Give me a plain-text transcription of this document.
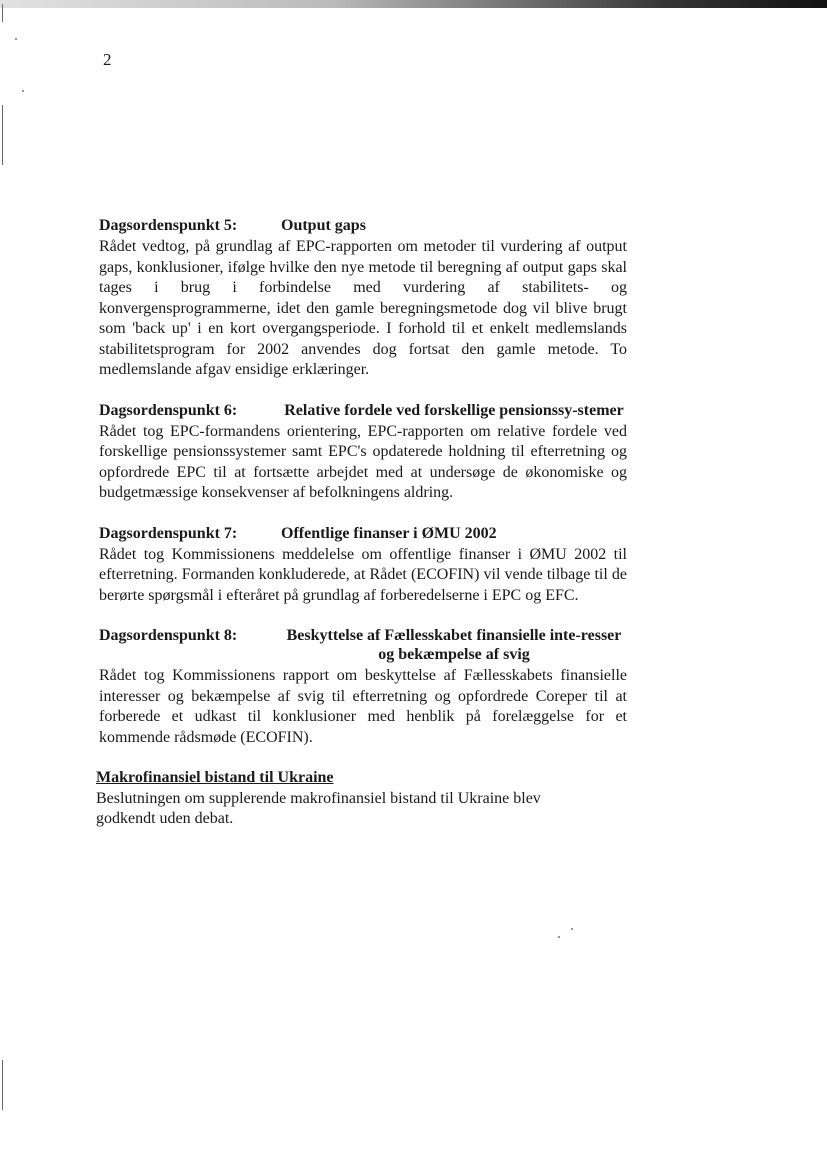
2
Dagsordenspunkt 5:	Output gaps
Rådet vedtog, på grundlag af EPC-rapporten om metoder til vurdering af output gaps, konklusioner, ifølge hvilke den nye metode til beregning af output gaps skal tages i brug i forbindelse med vurdering af stabilitets- og konvergensprogrammerne, idet den gamle beregningsmetode dog vil blive brugt som 'back up' i en kort overgangsperiode. I forhold til et enkelt medlemslands stabilitetsprogram for 2002 anvendes dog fortsat den gamle metode. To medlemslande afgav ensidige erklæringer.
Dagsordenspunkt 6:	Relative fordele ved forskellige pensionssy-stemer
Rådet tog EPC-formandens orientering, EPC-rapporten om relative fordele ved forskellige pensionssystemer samt EPC's opdaterede holdning til efterretning og opfordrede EPC til at fortsætte arbejdet med at undersøge de økonomiske og budgetmæssige konsekvenser af befolkningens aldring.
Dagsordenspunkt 7:	Offentlige finanser i ØMU 2002
Rådet tog Kommissionens meddelelse om offentlige finanser i ØMU 2002 til efterretning. Formanden konkluderede, at Rådet (ECOFIN) vil vende tilbage til de berørte spørgsmål i efteråret på grundlag af forberedelserne i EPC og EFC.
Dagsordenspunkt 8:	Beskyttelse af Fællesskabet finansielle inte-resser og bekæmpelse af svig
Rådet tog Kommissionens rapport om beskyttelse af Fællesskabets finansielle interesser og bekæmpelse af svig til efterretning og opfordrede Coreper til at forberede et udkast til konklusioner med henblik på forelæggelse for et kommende rådsmøde (ECOFIN).
Makrofinansiel bistand til Ukraine
Beslutningen om supplerende makrofinansiel bistand til Ukraine blev godkendt uden debat.
